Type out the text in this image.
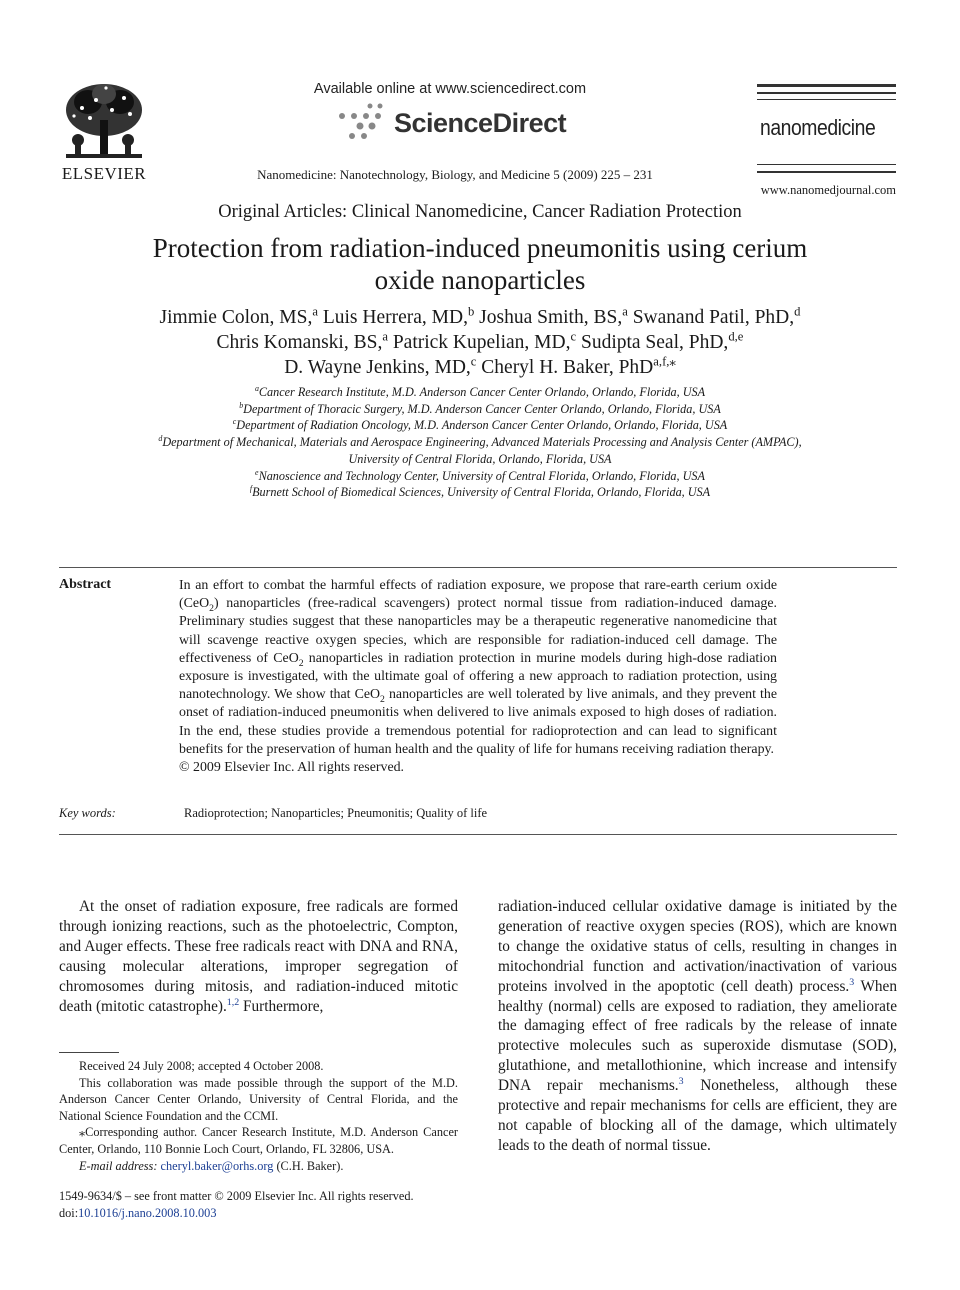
ELSEVIER
Available online at www.sciencedirect.com
ScienceDirect
Nanomedicine: Nanotechnology, Biology, and Medicine 5 (2009) 225 – 231
nanomedicine
www.nanomedjournal.com
Original Articles: Clinical Nanomedicine, Cancer Radiation Protection
Protection from radiation-induced pneumonitis using cerium
oxide nanoparticles
Jimmie Colon, MS,$^a$ Luis Herrera, MD,$^b$ Joshua Smith, BS,$^a$ Swanand Patil, PhD,$^d$
Chris Komanski, BS,$^a$ Patrick Kupelian, MD,$^c$ Sudipta Seal, PhD,$^{d,e}$
D. Wayne Jenkins, MD,$^c$ Cheryl H. Baker, PhD$^{a,f,⁎}$
$^a$Cancer Research Institute, M.D. Anderson Cancer Center Orlando, Orlando, Florida, USA
$^b$Department of Thoracic Surgery, M.D. Anderson Cancer Center Orlando, Orlando, Florida, USA
$^c$Department of Radiation Oncology, M.D. Anderson Cancer Center Orlando, Orlando, Florida, USA
$^d$Department of Mechanical, Materials and Aerospace Engineering, Advanced Materials Processing and Analysis Center (AMPAC),
University of Central Florida, Orlando, Florida, USA
$^e$Nanoscience and Technology Center, University of Central Florida, Orlando, Florida, USA
$^f$Burnett School of Biomedical Sciences, University of Central Florida, Orlando, Florida, USA
Abstract	In an effort to combat the harmful effects of radiation exposure, we propose that rare-earth cerium oxide (CeO$_2$) nanoparticles (free-radical scavengers) protect normal tissue from radiation-induced damage. Preliminary studies suggest that these nanoparticles may be a therapeutic regenerative nanomedicine that will scavenge reactive oxygen species, which are responsible for radiation-induced cell damage. The effectiveness of CeO$_2$ nanoparticles in radiation protection in murine models during high-dose radiation exposure is investigated, with the ultimate goal of offering a new approach to radiation protection, using nanotechnology. We show that CeO$_2$ nanoparticles are well tolerated by live animals, and they prevent the onset of radiation-induced pneumonitis when delivered to live animals exposed to high doses of radiation. In the end, these studies provide a tremendous potential for radioprotection and can lead to significant benefits for the preservation of human health and the quality of life for humans receiving radiation therapy.
© 2009 Elsevier Inc. All rights reserved.
Key words:	Radioprotection; Nanoparticles; Pneumonitis; Quality of life
At the onset of radiation exposure, free radicals are formed through ionizing reactions, such as the photoelectric, Compton, and Auger effects. These free radicals react with DNA and RNA, causing molecular alterations, improper segregation of chromosomes during mitosis, and radiation-induced mitotic death (mitotic catastrophe).$^{1,2}$ Furthermore,
radiation-induced cellular oxidative damage is initiated by the generation of reactive oxygen species (ROS), which are known to change the oxidative status of cells, resulting in changes in mitochondrial function and activation/inactivation of various proteins involved in the apoptotic (cell death) process.$^3$ When healthy (normal) cells are exposed to radiation, they ameliorate the damaging effect of free radicals by the release of innate protective molecules such as superoxide dismutase (SOD), glutathione, and metallothionine, which increase and intensify DNA repair mechanisms.$^3$ Nonetheless, although these protective and repair mechanisms for cells are efficient, they are not capable of blocking all of the damage, which ultimately leads to the death of normal tissue.
Received 24 July 2008; accepted 4 October 2008.
This collaboration was made possible through the support of the M.D. Anderson Cancer Center Orlando, University of Central Florida, and the National Science Foundation and the CCMI.
⁎Corresponding author. Cancer Research Institute, M.D. Anderson Cancer Center, Orlando, 110 Bonnie Loch Court, Orlando, FL 32806, USA.
E-mail address: cheryl.baker@orhs.org (C.H. Baker).
1549-9634/$ – see front matter © 2009 Elsevier Inc. All rights reserved.
doi:10.1016/j.nano.2008.10.003
